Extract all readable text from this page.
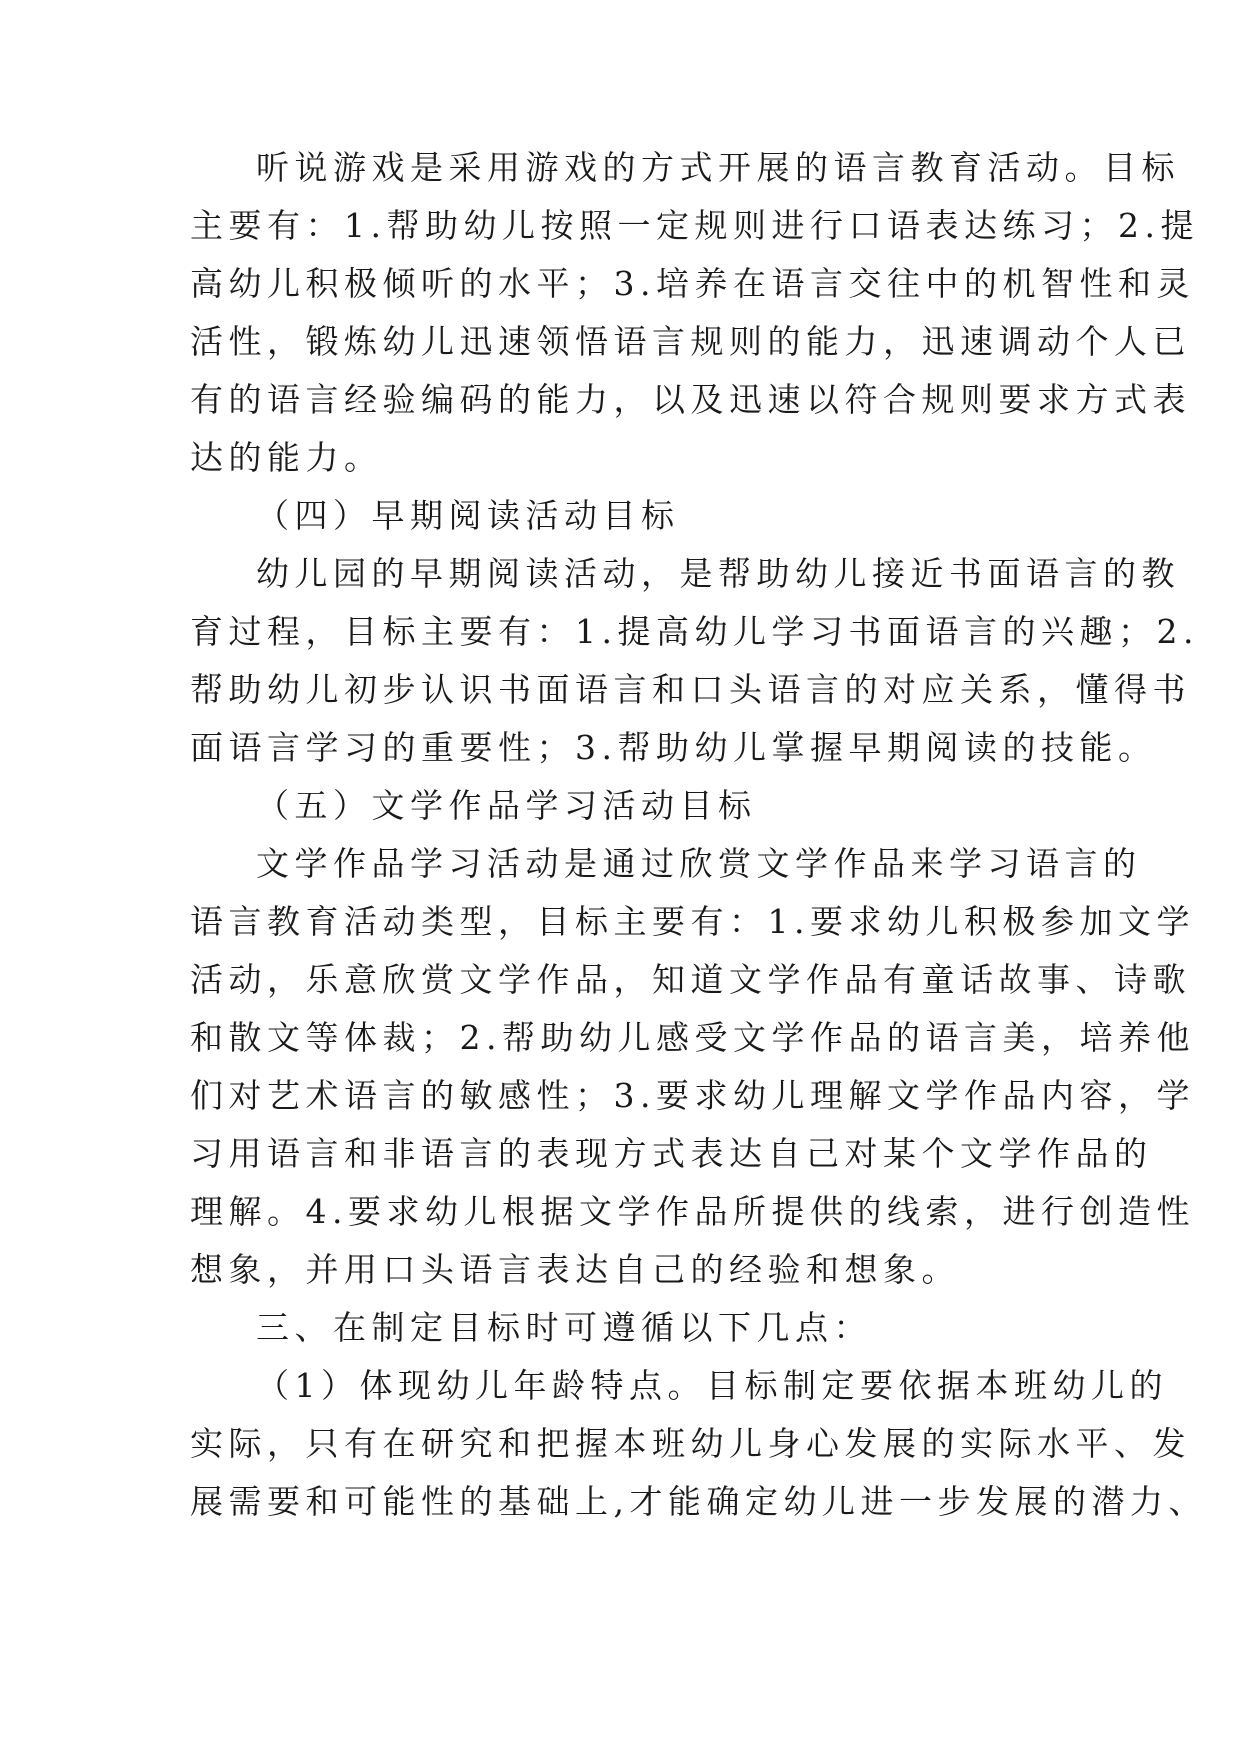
听说游戏是采用游戏的方式开展的语言教育活动。目标
主要有：1.帮助幼儿按照一定规则进行口语表达练习；2.提
高幼儿积极倾听的水平；3.培养在语言交往中的机智性和灵
活性，锻炼幼儿迅速领悟语言规则的能力，迅速调动个人已
有的语言经验编码的能力，以及迅速以符合规则要求方式表
达的能力。
（四）早期阅读活动目标
幼儿园的早期阅读活动，是帮助幼儿接近书面语言的教
育过程，目标主要有：1.提高幼儿学习书面语言的兴趣；2.
帮助幼儿初步认识书面语言和口头语言的对应关系，懂得书
面语言学习的重要性；3.帮助幼儿掌握早期阅读的技能。
（五）文学作品学习活动目标
文学作品学习活动是通过欣赏文学作品来学习语言的
语言教育活动类型，目标主要有：1.要求幼儿积极参加文学
活动，乐意欣赏文学作品，知道文学作品有童话故事、诗歌
和散文等体裁；2.帮助幼儿感受文学作品的语言美，培养他
们对艺术语言的敏感性；3.要求幼儿理解文学作品内容，学
习用语言和非语言的表现方式表达自己对某个文学作品的
理解。4.要求幼儿根据文学作品所提供的线索，进行创造性
想象，并用口头语言表达自己的经验和想象。
三、在制定目标时可遵循以下几点：
（1）体现幼儿年龄特点。目标制定要依据本班幼儿的
实际，只有在研究和把握本班幼儿身心发展的实际水平、发
展需要和可能性的基础上,才能确定幼儿进一步发展的潜力、
